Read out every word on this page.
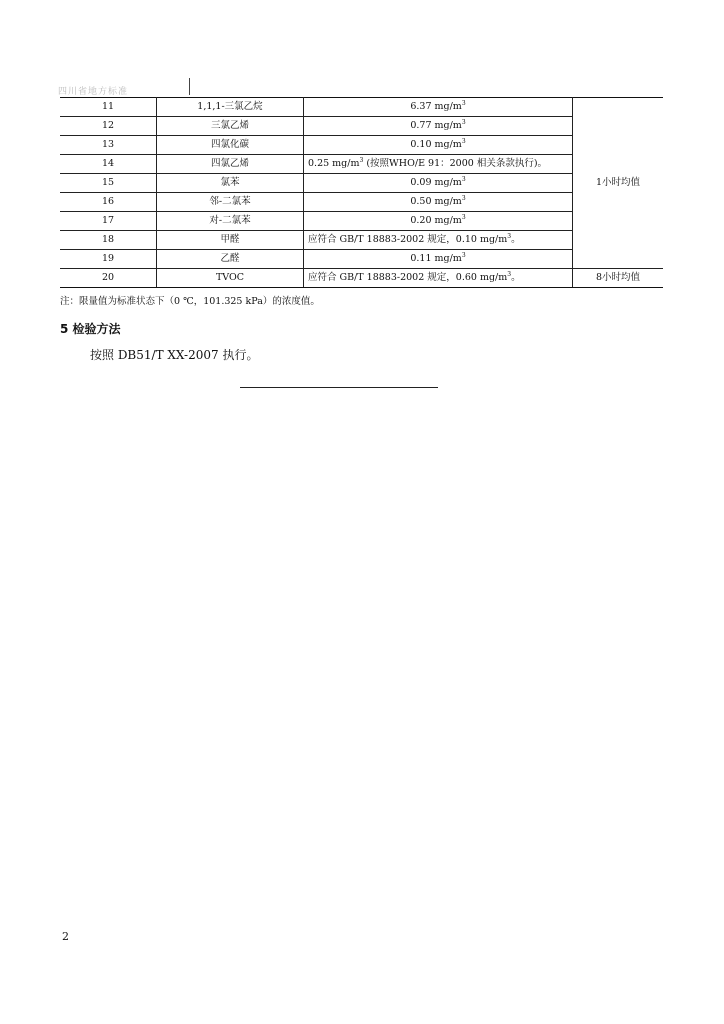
四川省地方标准
11	1,1,1-三氯乙烷	6.37 $mg/m^3$	1小时均值
12	三氯乙烯	0.77 $mg/m^3$
13	四氯化碳	0.10 $mg/m^3$
14	四氯乙烯	0.25 $mg/m^3$ (按照WHO/E 91：2000 相关条款执行)。	
15	氯苯	0.09 $mg/m^3$
16	邻-二氯苯	0.50 $mg/m^3$
17	对-二氯苯	0.20 $mg/m^3$
18	甲醛	应符合 GB/T 18883-2002 规定，0.10 $mg/m^3$。	
19	乙醛	0.11 $mg/m^3$
20	TVOC	应符合 GB/T 18883-2002 规定，0.60 $mg/m^3$。	8小时均值
注：限量值为标准状态下（0 ℃，101.325 kPa）的浓度值。
5 检验方法
按照 DB51/T XX-2007 执行。
2
